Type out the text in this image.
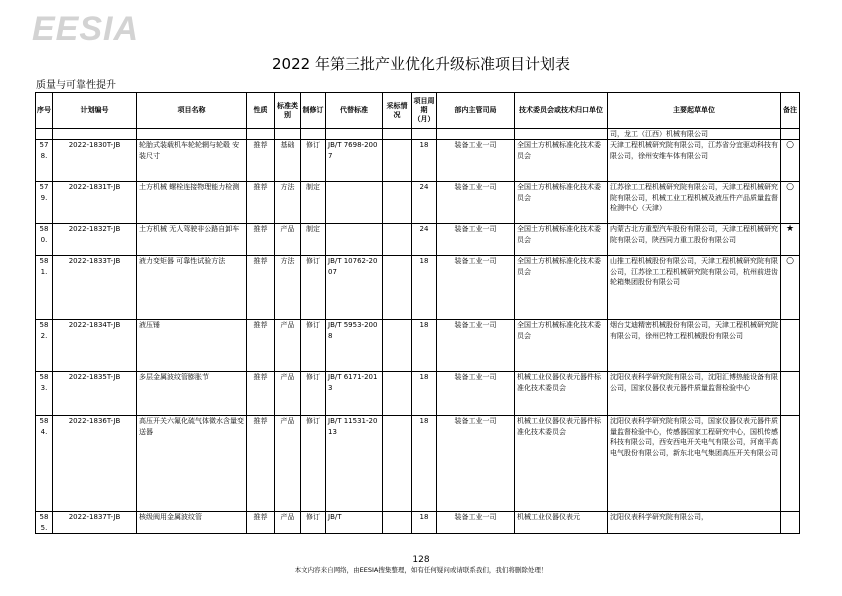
EESIA
2022 年第三批产业优化升级标准项目计划表
质量与可靠性提升
序号	计划编号	项目名称	性质	标准类别	制修订	代替标准	采标情况	项目周期（月）	部内主管司局	技术委员会或技术归口单位	主要起草单位	备注
											司，龙工（江西）机械有限公司	
578.	2022-1830T-JB	轮胎式装载机车轮轮辋与轮毂 安装尺寸	推荐	基础	修订	JB/T 7698-2007		18	装备工业一司	全国土方机械标准化技术委员会	天津工程机械研究院有限公司，江苏省分宜驱动科技有限公司，徐州安维车体有限公司	○
579.	2022-1831T-JB	土方机械 螺栓连接物理能力检测	推荐	方法	制定			24	装备工业一司	全国土方机械标准化技术委员会	江苏徐工工程机械研究院有限公司，天津工程机械研究院有限公司，机械工业工程机械及液压件产品质量监督检测中心（天津）	○
580.	2022-1832T-JB	土方机械 无人驾驶非公路自卸车	推荐	产品	制定			24	装备工业一司	全国土方机械标准化技术委员会	内蒙古北方重型汽车股份有限公司，天津工程机械研究院有限公司，陕西同力重工股份有限公司	★
581.	2022-1833T-JB	液力变矩器 可靠性试验方法	推荐	方法	修订	JB/T 10762-2007		18	装备工业一司	全国土方机械标准化技术委员会	山推工程机械股份有限公司，天津工程机械研究院有限公司，江苏徐工工程机械研究院有限公司，杭州前进齿轮箱集团股份有限公司	○
582.	2022-1834T-JB	液压锤	推荐	产品	修订	JB/T 5953-2008		18	装备工业一司	全国土方机械标准化技术委员会	烟台艾迪精密机械股份有限公司，天津工程机械研究院有限公司，徐州巴特工程机械股份有限公司	
583.	2022-1835T-JB	多层金属波纹管膨胀节	推荐	产品	修订	JB/T 6171-2013		18	装备工业一司	机械工业仪器仪表元器件标准化技术委员会	沈阳仪表科学研究院有限公司，沈阳汇博热能设备有限公司，国家仪器仪表元器件质量监督检验中心	
584.	2022-1836T-JB	高压开关六氟化硫气体微水含量变送器	推荐	产品	修订	JB/T 11531-2013		18	装备工业一司	机械工业仪器仪表元器件标准化技术委员会	沈阳仪表科学研究院有限公司，国家仪器仪表元器件质量监督检验中心，传感器国家工程研究中心，国机传感科技有限公司，西安西电开关电气有限公司，河南平高电气股份有限公司，新东北电气集团高压开关有限公司	
585.	2022-1837T-JB	核级阀用金属波纹管	推荐	产品	修订	JB/T		18	装备工业一司	机械工业仪器仪表元	沈阳仪表科学研究院有限公司，	
128
本文内容来自网络，由EESIA搜集整理，如有任何疑问或请联系我们，我们将删除处理！
